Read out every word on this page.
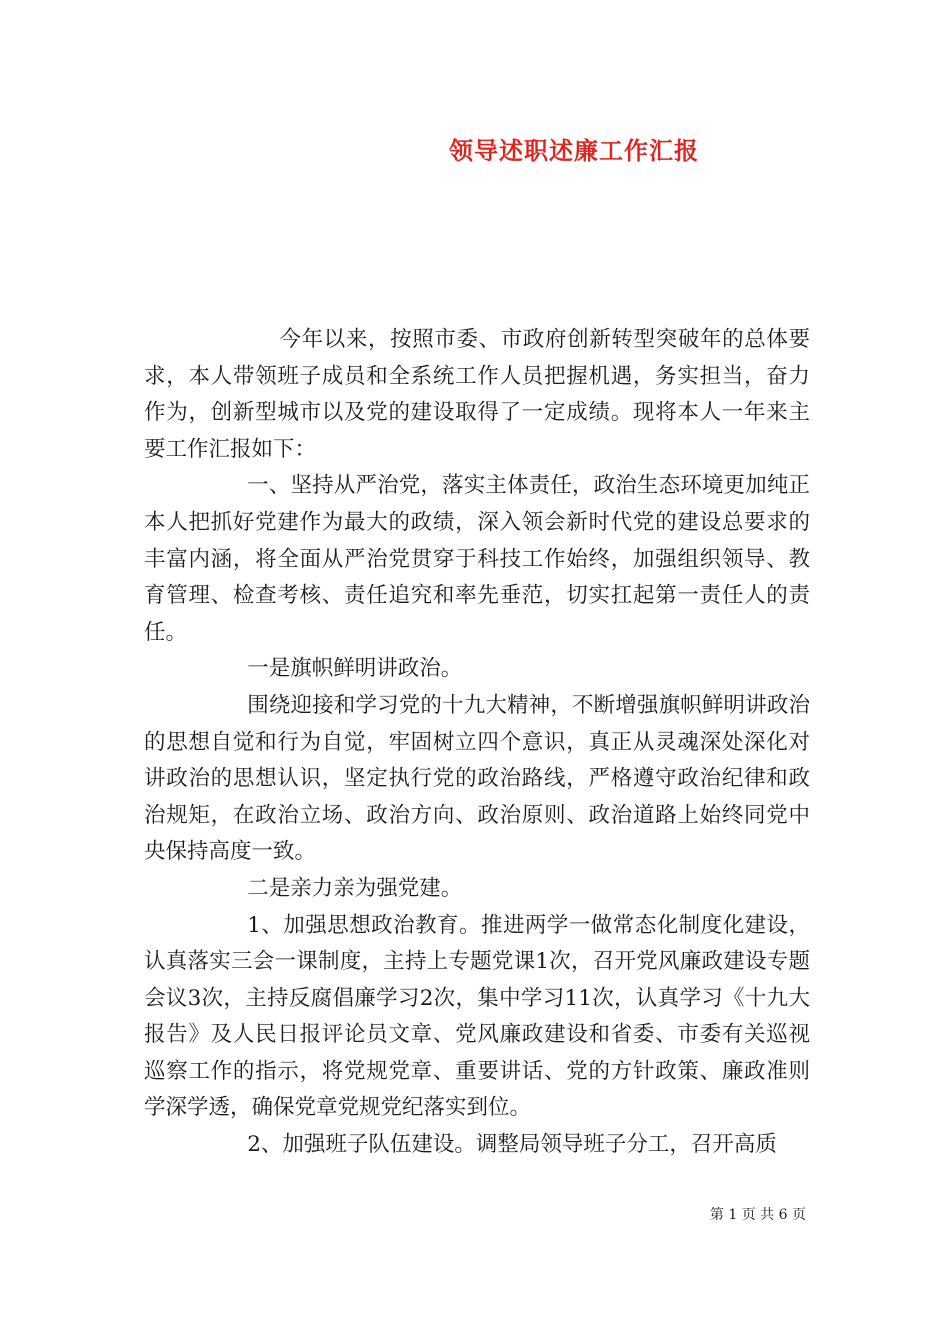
领导述职述廉工作汇报

今年以来，按照市委、市政府创新转型突破年的总体要求，本人带领班子成员和全系统工作人员把握机遇，务实担当，奋力作为，创新型城市以及党的建设取得了一定成绩。现将本人一年来主要工作汇报如下：

一、坚持从严治党，落实主体责任，政治生态环境更加纯正本人把抓好党建作为最大的政绩，深入领会新时代党的建设总要求的丰富内涵，将全面从严治党贯穿于科技工作始终，加强组织领导、教育管理、检查考核、责任追究和率先垂范，切实扛起第一责任人的责任。

一是旗帜鲜明讲政治。

围绕迎接和学习党的十九大精神，不断增强旗帜鲜明讲政治的思想自觉和行为自觉，牢固树立四个意识，真正从灵魂深处深化对讲政治的思想认识，坚定执行党的政治路线，严格遵守政治纪律和政治规矩，在政治立场、政治方向、政治原则、政治道路上始终同党中央保持高度一致。

二是亲力亲为强党建。

1、加强思想政治教育。推进两学一做常态化制度化建设，认真落实三会一课制度，主持上专题党课1次，召开党风廉政建设专题会议3次，主持反腐倡廉学习2次，集中学习11次，认真学习《十九大报告》及人民日报评论员文章、党风廉政建设和省委、市委有关巡视巡察工作的指示，将党规党章、重要讲话、党的方针政策、廉政准则学深学透，确保党章党规党纪落实到位。

2、加强班子队伍建设。调整局领导班子分工，召开高质

第 1 页 共 6 页
